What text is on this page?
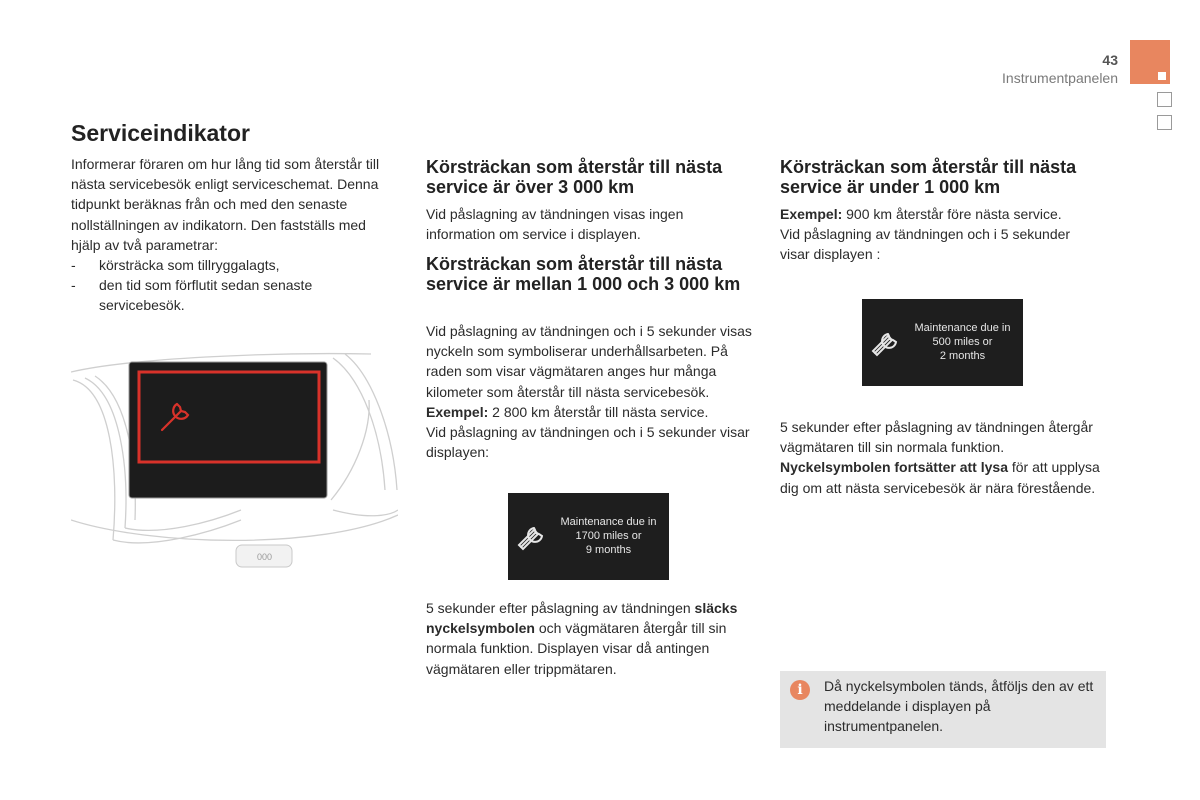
43
Instrumentpanelen
Serviceindikator

Informerar föraren om hur lång tid som återstår till nästa servicebesök enligt serviceschemat. Denna tidpunkt beräknas från och med den senaste nollställningen av indikatorn. Den fastställs med hjälp av två parametrar:

- körsträcka som tillryggalagts,
- den tid som förflutit sedan senaste servicebesök.
000
Körsträckan som återstår till nästa service är över 3 000 km
Vid påslagning av tändningen visas ingen information om service i displayen.
Körsträckan som återstår till nästa service är mellan 1 000 och 3 000 km

Vid påslagning av tändningen och i 5 sekunder visas nyckeln som symboliserar underhållsarbeten. På raden som visar vägmätaren anges hur många kilometer som återstår till nästa servicebesök.

Exempel: 2 800 km återstår till nästa service.

Vid påslagning av tändningen och i 5 sekunder visar displayen:

Maintenance due in
1700 miles or
9 months
5 sekunder efter påslagning av tändningen släcks nyckelsymbolen och vägmätaren återgår till sin normala funktion. Displayen visar då antingen vägmätaren eller trippmätaren.
Körsträckan som återstår till nästa service är under 1 000 km

Exempel: 900 km återstår före nästa service.

Vid påslagning av tändningen och i 5 sekunder visar displayen :

Maintenance due in
500 miles or
2 months
5 sekunder efter påslagning av tändningen återgår vägmätaren till sin normala funktion. Nyckelsymbolen fortsätter att lysa för att upplysa dig om att nästa servicebesök är nära förestående.
i	Då nyckelsymbolen tänds, åtföljs den av ett meddelande i displayen på instrumentpanelen.
